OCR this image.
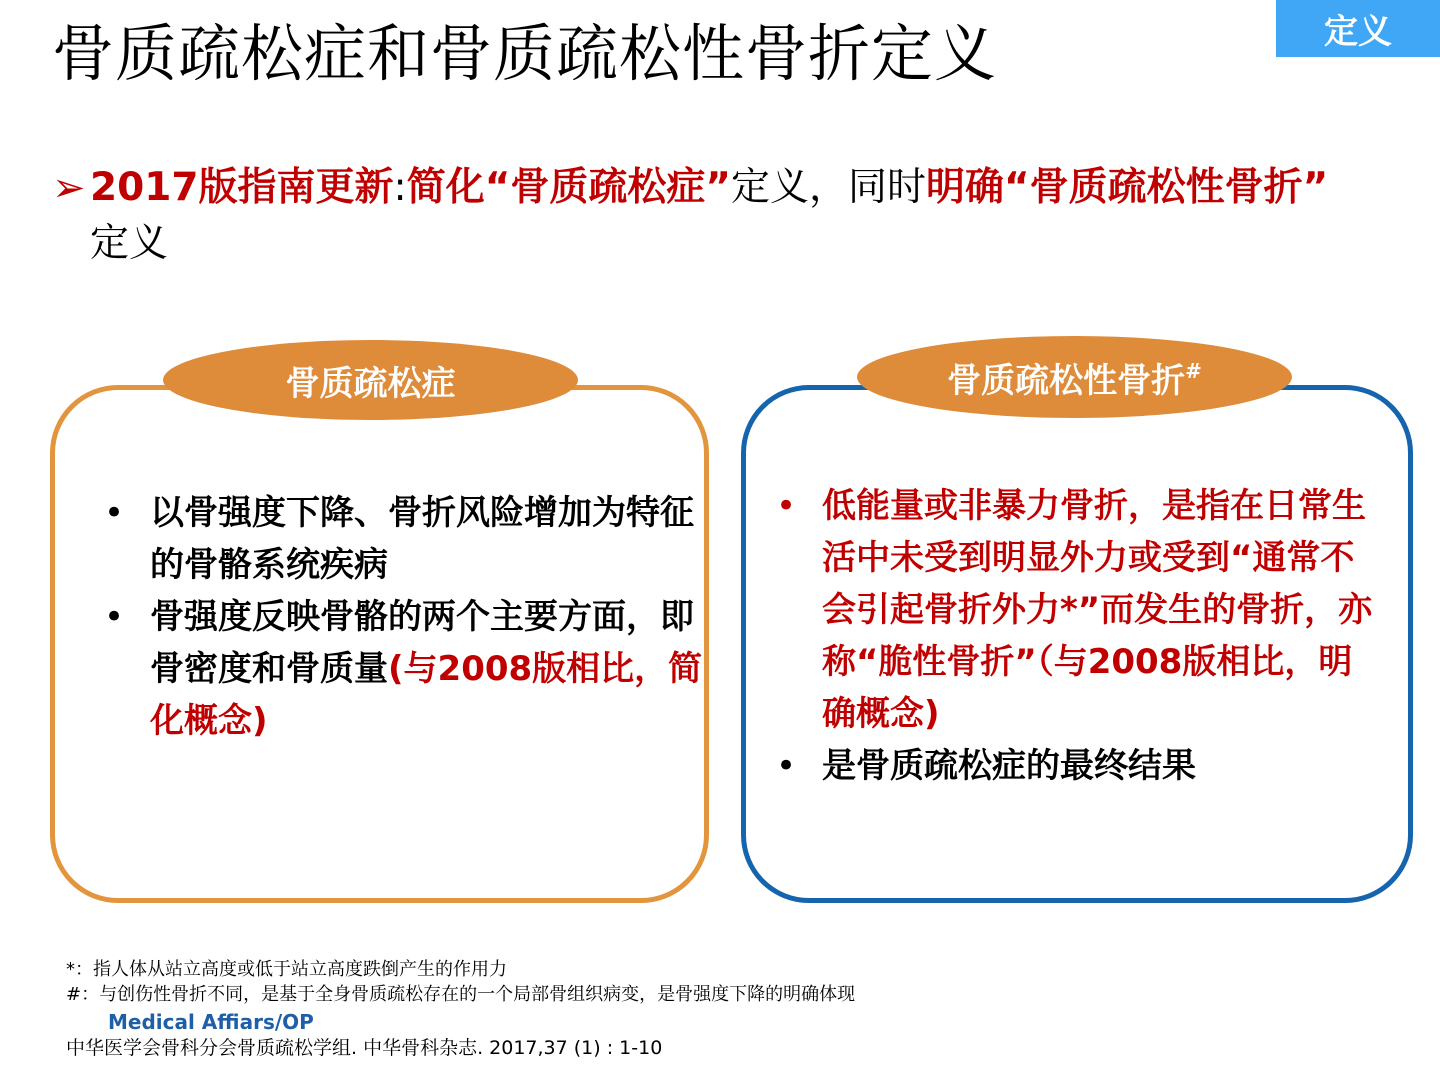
定义
骨质疏松症和骨质疏松性骨折定义
➢ 2017版指南更新:简化“骨质疏松症”定义，同时明确“骨质疏松性骨折”
定义
骨质疏松症
• 以骨强度下降、骨折风险增加为特征的骨骼系统疾病
• 骨强度反映骨骼的两个主要方面，即骨密度和骨质量(与2008版相比，简化概念)
骨质疏松性骨折#
• 低能量或非暴力骨折，是指在日常生活中未受到明显外力或受到“通常不会引起骨折外力*”而发生的骨折，亦称“脆性骨折”（与2008版相比，明确概念)
• 是骨质疏松症的最终结果
*：指人体从站立高度或低于站立高度跌倒产生的作用力
#：与创伤性骨折不同，是基于全身骨质疏松存在的一个局部骨组织病变，是骨强度下降的明确体现
Medical Affiars/OP
中华医学会骨科分会骨质疏松学组. 中华骨科杂志. 2017,37 (1) : 1-10
